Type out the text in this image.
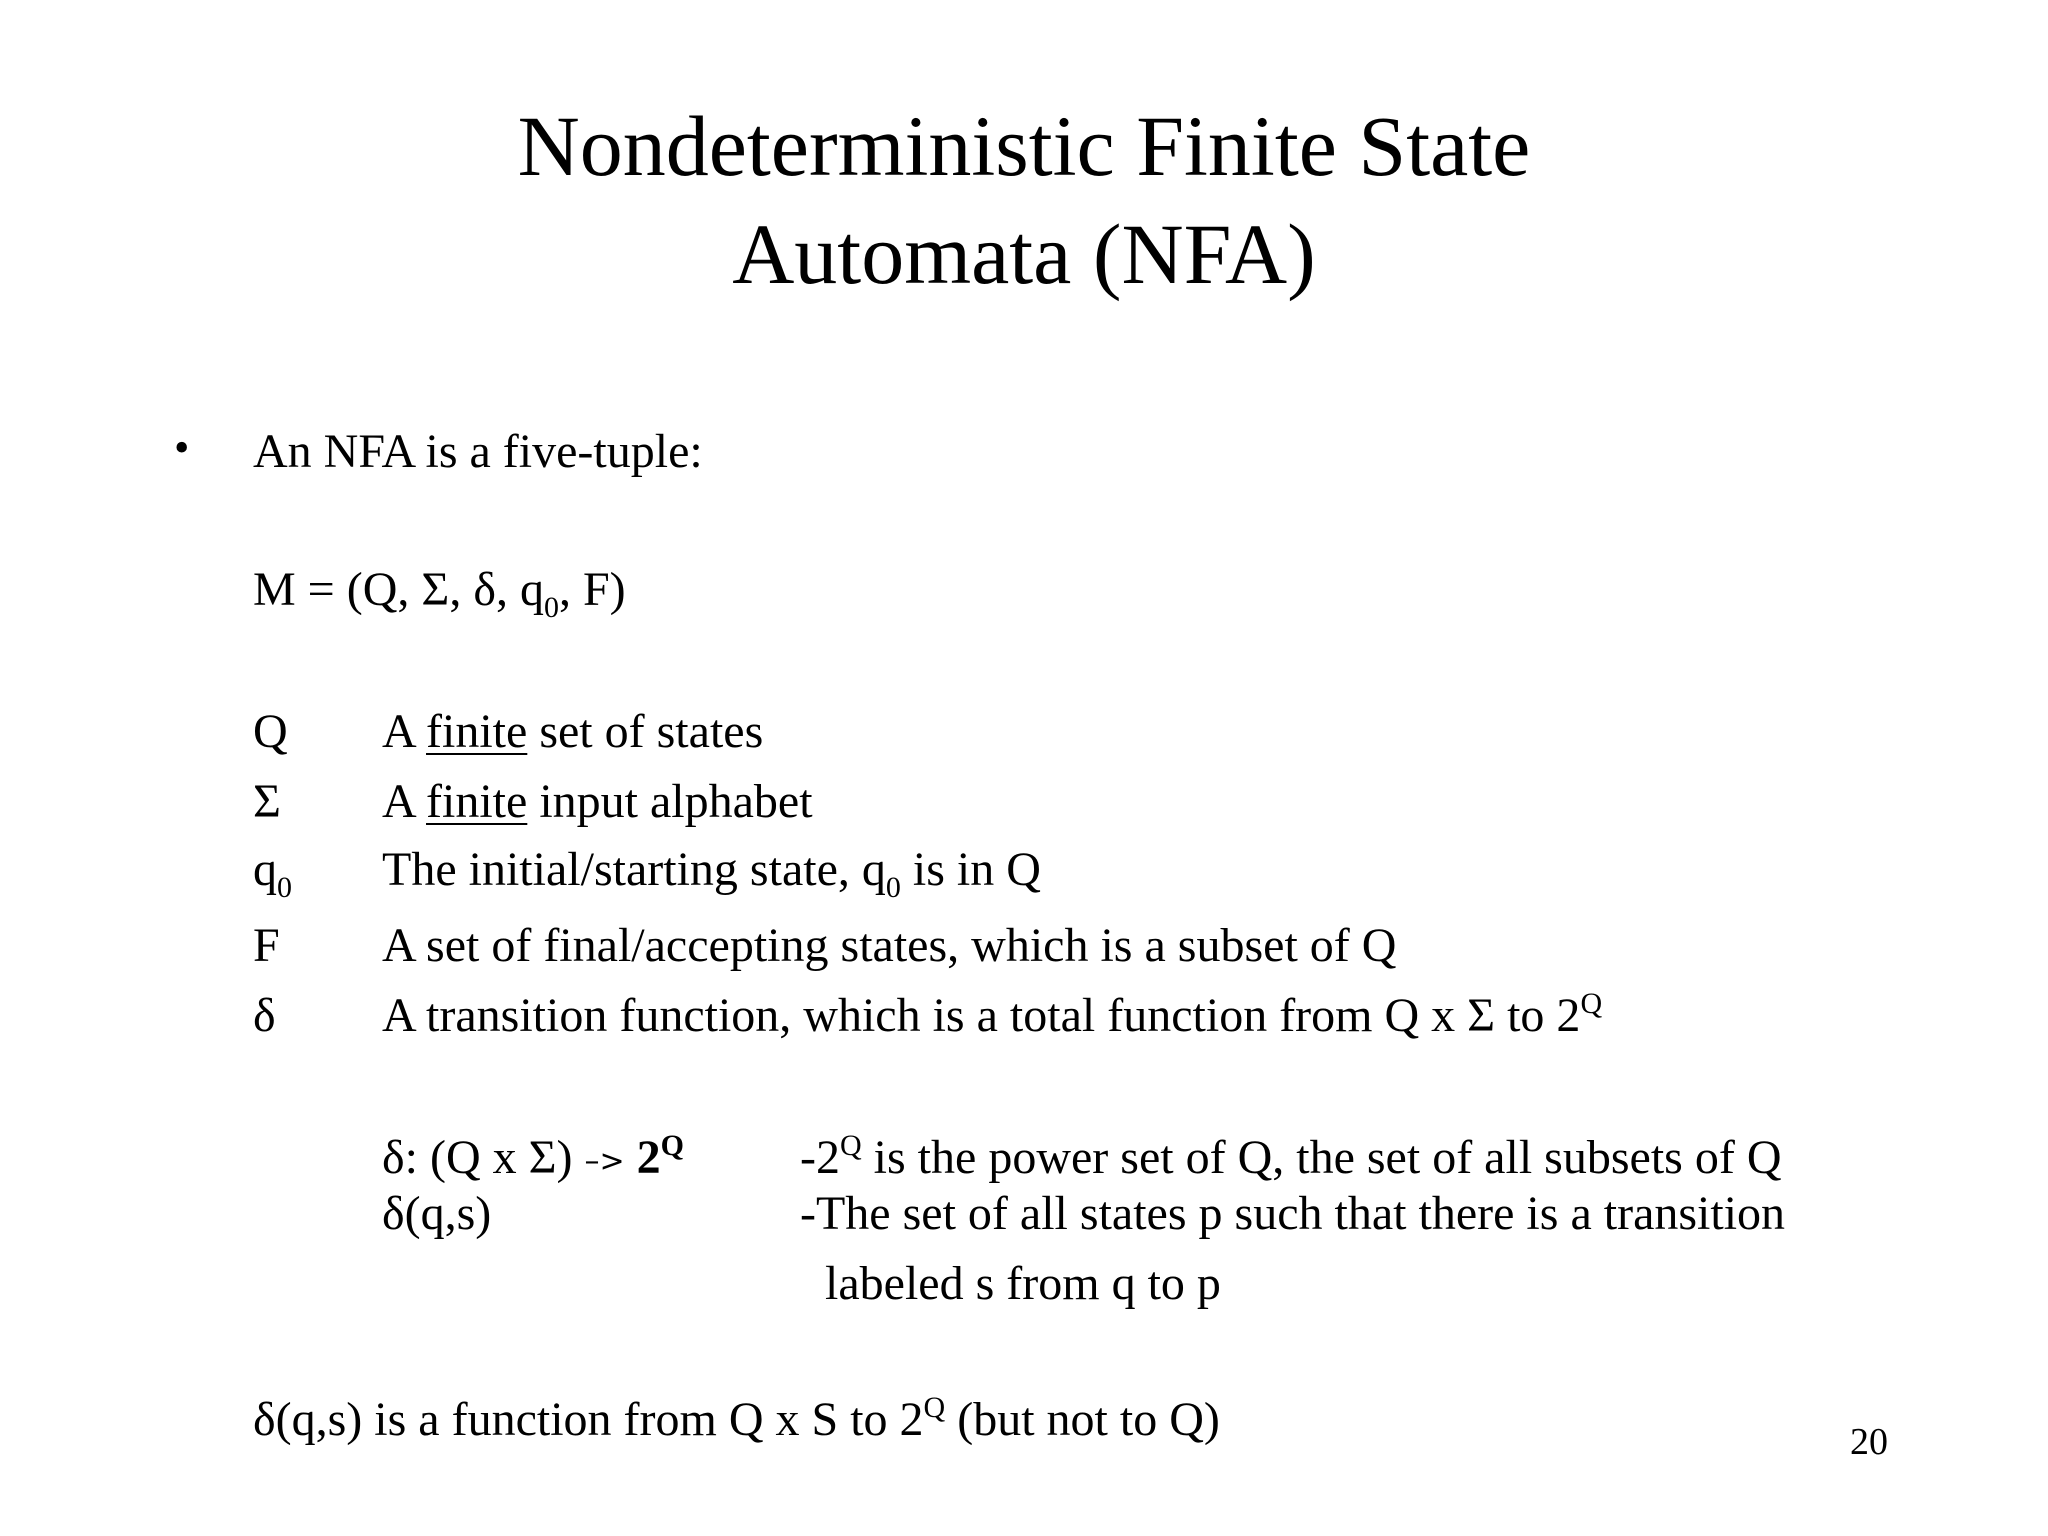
Nondeterministic Finite State
Automata (NFA)
• An NFA is a five-tuple:
M = (Q, Σ, δ, $q_0$, F)
Q
Σ
$q_0$
F
δ
A finite set of states
A finite input alphabet
The initial/starting state, $q_0$ is in Q
A set of final/accepting states, which is a subset of Q
A transition function, which is a total function from Q x Σ to $2^Q$
δ: (Q x $\Sigma) -> 2^Q$ $-2^Q$ is the power set of Q, the set of all subsets of Q
δ(q,s)	-The set of all states p such that there is a transition
labeled s from q to p
δ(q,s) is a function from Q x S to $2^Q$ (but not to Q)	20
